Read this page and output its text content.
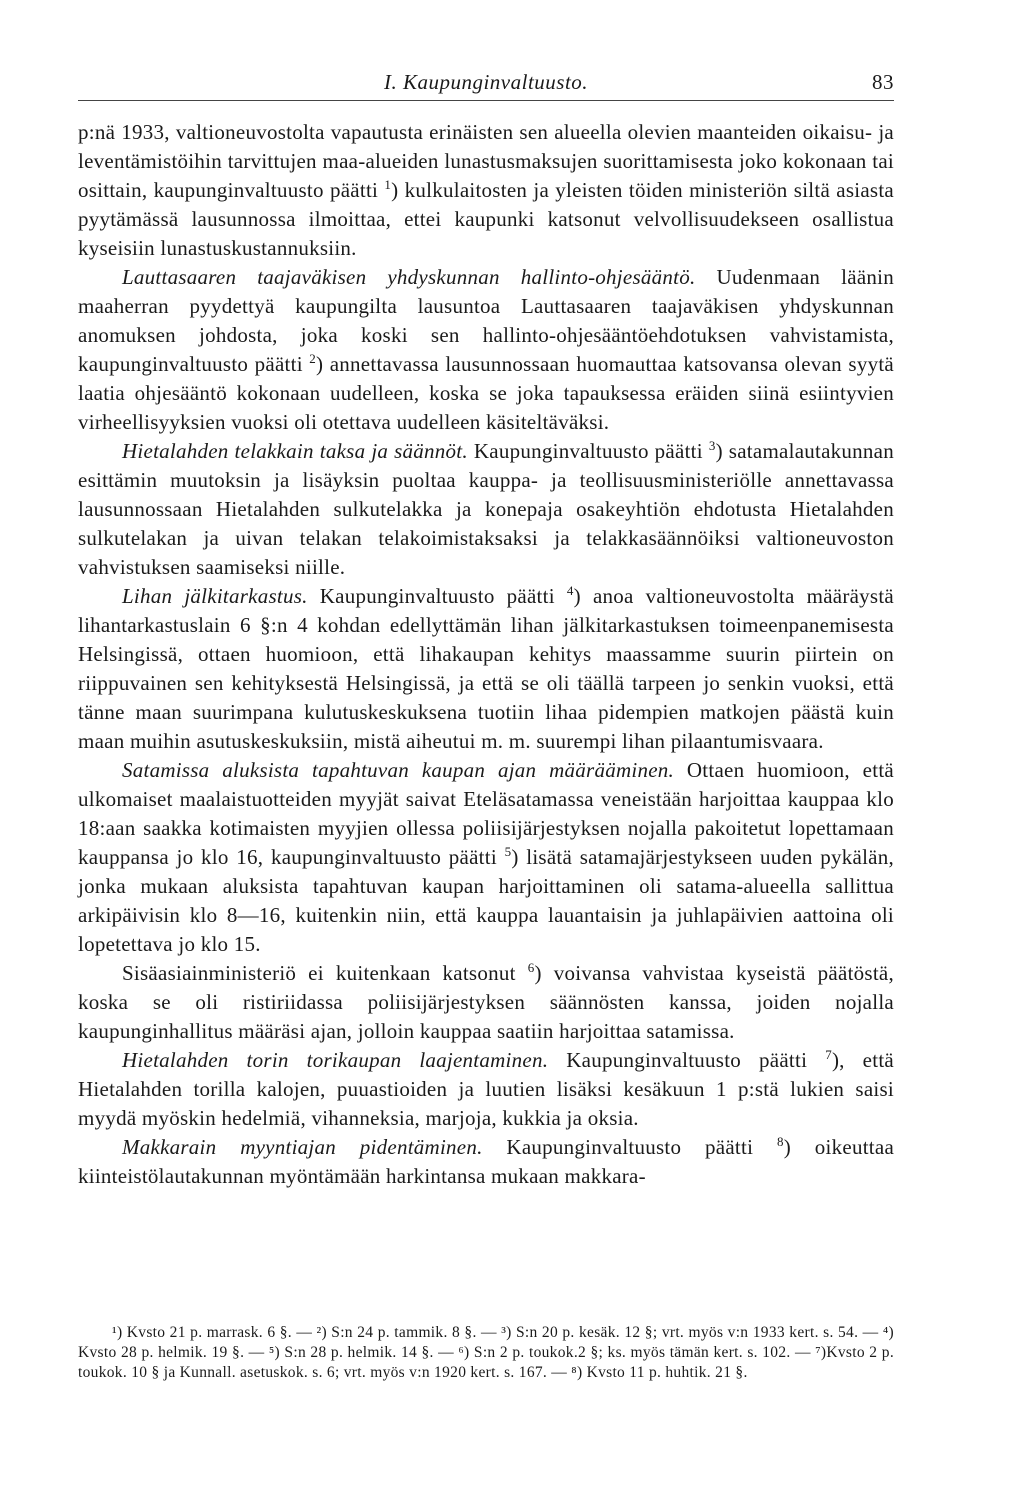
I. Kaupunginvaltuusto.	83

p:nä 1933, valtioneuvostolta vapautusta erinäisten sen alueella olevien maanteiden oikaisu- ja leventämistöihin tarvittujen maa-alueiden lunastusmaksujen suorittamisesta joko kokonaan tai osittain, kaupunginvaltuusto päätti $^1$) kulkulaitosten ja yleisten töiden ministeriön siltä asiasta pyytämässä lausunnossa ilmoittaa, ettei kaupunki katsonut velvollisuudekseen osallistua kyseisiin lunastuskustannuksiin.

Lauttasaaren taajaväkisen yhdyskunnan hallinto-ohjesääntö. Uudenmaan läänin maaherran pyydettyä kaupungilta lausuntoa Lauttasaaren taajaväkisen yhdyskunnan anomuksen johdosta, joka koski sen hallinto-ohjesääntöehdotuksen vahvistamista, kaupunginvaltuusto päätti $^2$) annettavassa lausunnossaan huomauttaa katsovansa olevan syytä laatia ohjesääntö kokonaan uudelleen, koska se joka tapauksessa eräiden siinä esiintyvien virheellisyyksien vuoksi oli otettava uudelleen käsiteltäväksi.

Hietalahden telakkain taksa ja säännöt. Kaupunginvaltuusto päätti $^3$) satamalautakunnan esittämin muutoksin ja lisäyksin puoltaa kauppa- ja teollisuusministeriölle annettavassa lausunnossaan Hietalahden sulkutelakka ja konepaja osakeyhtiön ehdotusta Hietalahden sulkutelakan ja uivan telakan telakoimistaksaksi ja telakkasäännöiksi valtioneuvoston vahvistuksen saamiseksi niille.

Lihan jälkitarkastus. Kaupunginvaltuusto päätti $^4$) anoa valtioneuvostolta määräystä lihantarkastuslain 6 §:n 4 kohdan edellyttämän lihan jälkitarkastuksen toimeenpanemisesta Helsingissä, ottaen huomioon, että lihakaupan kehitys maassamme suurin piirtein on riippuvainen sen kehityksestä Helsingissä, ja että se oli täällä tarpeen jo senkin vuoksi, että tänne maan suurimpana kulutuskeskuksena tuotiin lihaa pidempien matkojen päästä kuin maan muihin asutuskeskuksiin, mistä aiheutui m. m. suurempi lihan pilaantumisvaara.

Satamissa aluksista tapahtuvan kaupan ajan määrääminen. Ottaen huomioon, että ulkomaiset maalaistuotteiden myyjät saivat Eteläsatamassa veneistään harjoittaa kauppaa klo 18:aan saakka kotimaisten myyjien ollessa poliisijärjestyksen nojalla pakoitetut lopettamaan kauppansa jo klo 16, kaupunginvaltuusto päätti $^5$) lisätä satamajärjestykseen uuden pykälän, jonka mukaan aluksista tapahtuvan kaupan harjoittaminen oli satama-alueella sallittua arkipäivisin klo 8—16, kuitenkin niin, että kauppa lauantaisin ja juhlapäivien aattoina oli lopetettava jo klo 15.

Sisäasiainministeriö ei kuitenkaan katsonut $^6$) voivansa vahvistaa kyseistä päätöstä, koska se oli ristiriidassa poliisijärjestyksen säännösten kanssa, joiden nojalla kaupunginhallitus määräsi ajan, jolloin kauppaa saatiin harjoittaa satamissa.

Hietalahden torin torikaupan laajentaminen. Kaupunginvaltuusto päätti $^7$), että Hietalahden torilla kalojen, puuastioiden ja luutien lisäksi kesäkuun 1 p:stä lukien saisi myydä myöskin hedelmiä, vihanneksia, marjoja, kukkia ja oksia.

Makkarain myyntiajan pidentäminen. Kaupunginvaltuusto päätti $^8$) oikeuttaa kiinteistölautakunnan myöntämään harkintansa mukaan makkara-

¹) Kvsto 21 p. marrask. 6 §. — ²) S:n 24 p. tammik. 8 §. — ³) S:n 20 p. kesäk. 12 §; vrt. myös v:n 1933 kert. s. 54. — ⁴) Kvsto 28 p. helmik. 19 §. — ⁵) S:n 28 p. helmik. 14 §. — ⁶) S:n 2 p. toukok.2 §; ks. myös tämän kert. s. 102. — ⁷)Kvsto 2 p. toukok. 10 § ja Kunnall. asetuskok. s. 6; vrt. myös v:n 1920 kert. s. 167. — ⁸) Kvsto 11 p. huhtik. 21 §.
